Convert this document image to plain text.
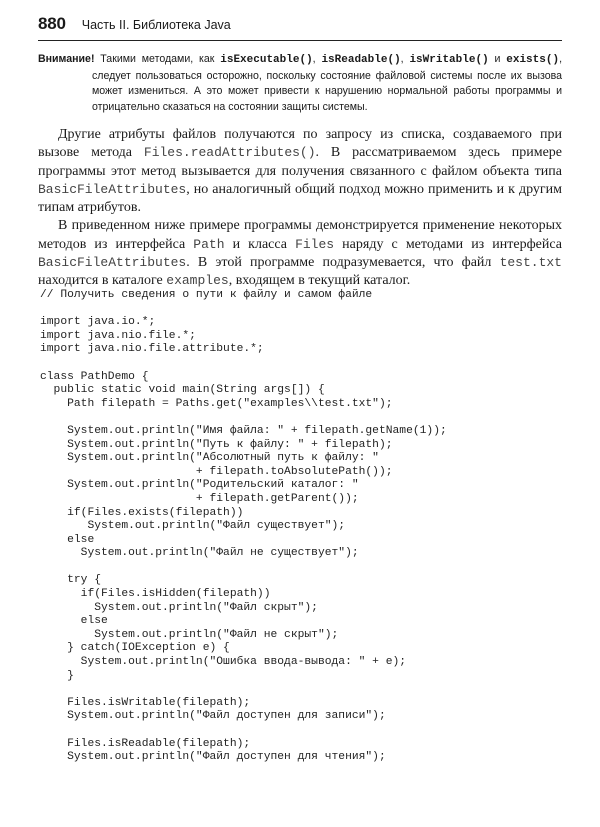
880 Часть II. Библиотека Java

Внимание! Такими методами, как isExecutable(), isReadable(), isWritable() и exists(), следует пользоваться осторожно, поскольку состояние файловой системы после их вызова может измениться. А это может привести к нарушению нормальной работы программы и отрицательно сказаться на состоянии защиты системы.

Другие атрибуты файлов получаются по запросу из списка, создаваемого при вызове метода Files.readAttributes(). В рассматриваемом здесь примере программы этот метод вызывается для получения связанного с файлом объекта типа BasicFileAttributes, но аналогичный общий подход можно применить и к другим типам атрибутов.

В приведенном ниже примере программы демонстрируется применение некоторых методов из интерфейса Path и класса Files наряду с методами из интерфейса BasicFileAttributes. В этой программе подразумевается, что файл test.txt находится в каталоге examples, входящем в текущий каталог.

// Получить сведения о пути к файлу и самом файле
import java.io.*;
import java.nio.file.*;
import java.nio.file.attribute.*;
class PathDemo {
public static void main(String args[]) {
Path filepath = Paths.get("examples\\test.txt");
System.out.println("Имя файла: " + filepath.getName(1));
System.out.println("Путь к файлу: " + filepath);
System.out.println("Абсолютный путь к файлу: "
+ filepath.toAbsolutePath());
System.out.println("Родительский каталог: "
+ filepath.getParent());
if(Files.exists(filepath))
System.out.println("Файл существует");
else
System.out.println("Файл не существует");
try {
if(Files.isHidden(filepath))
System.out.println("Файл скрыт");
else
System.out.println("Файл не скрыт");
} catch(IOException e) {
System.out.println("Ошибка ввода-вывода: " + e);
}
Files.isWritable(filepath);
System.out.println("Файл доступен для записи");
Files.isReadable(filepath);
System.out.println("Файл доступен для чтения");
